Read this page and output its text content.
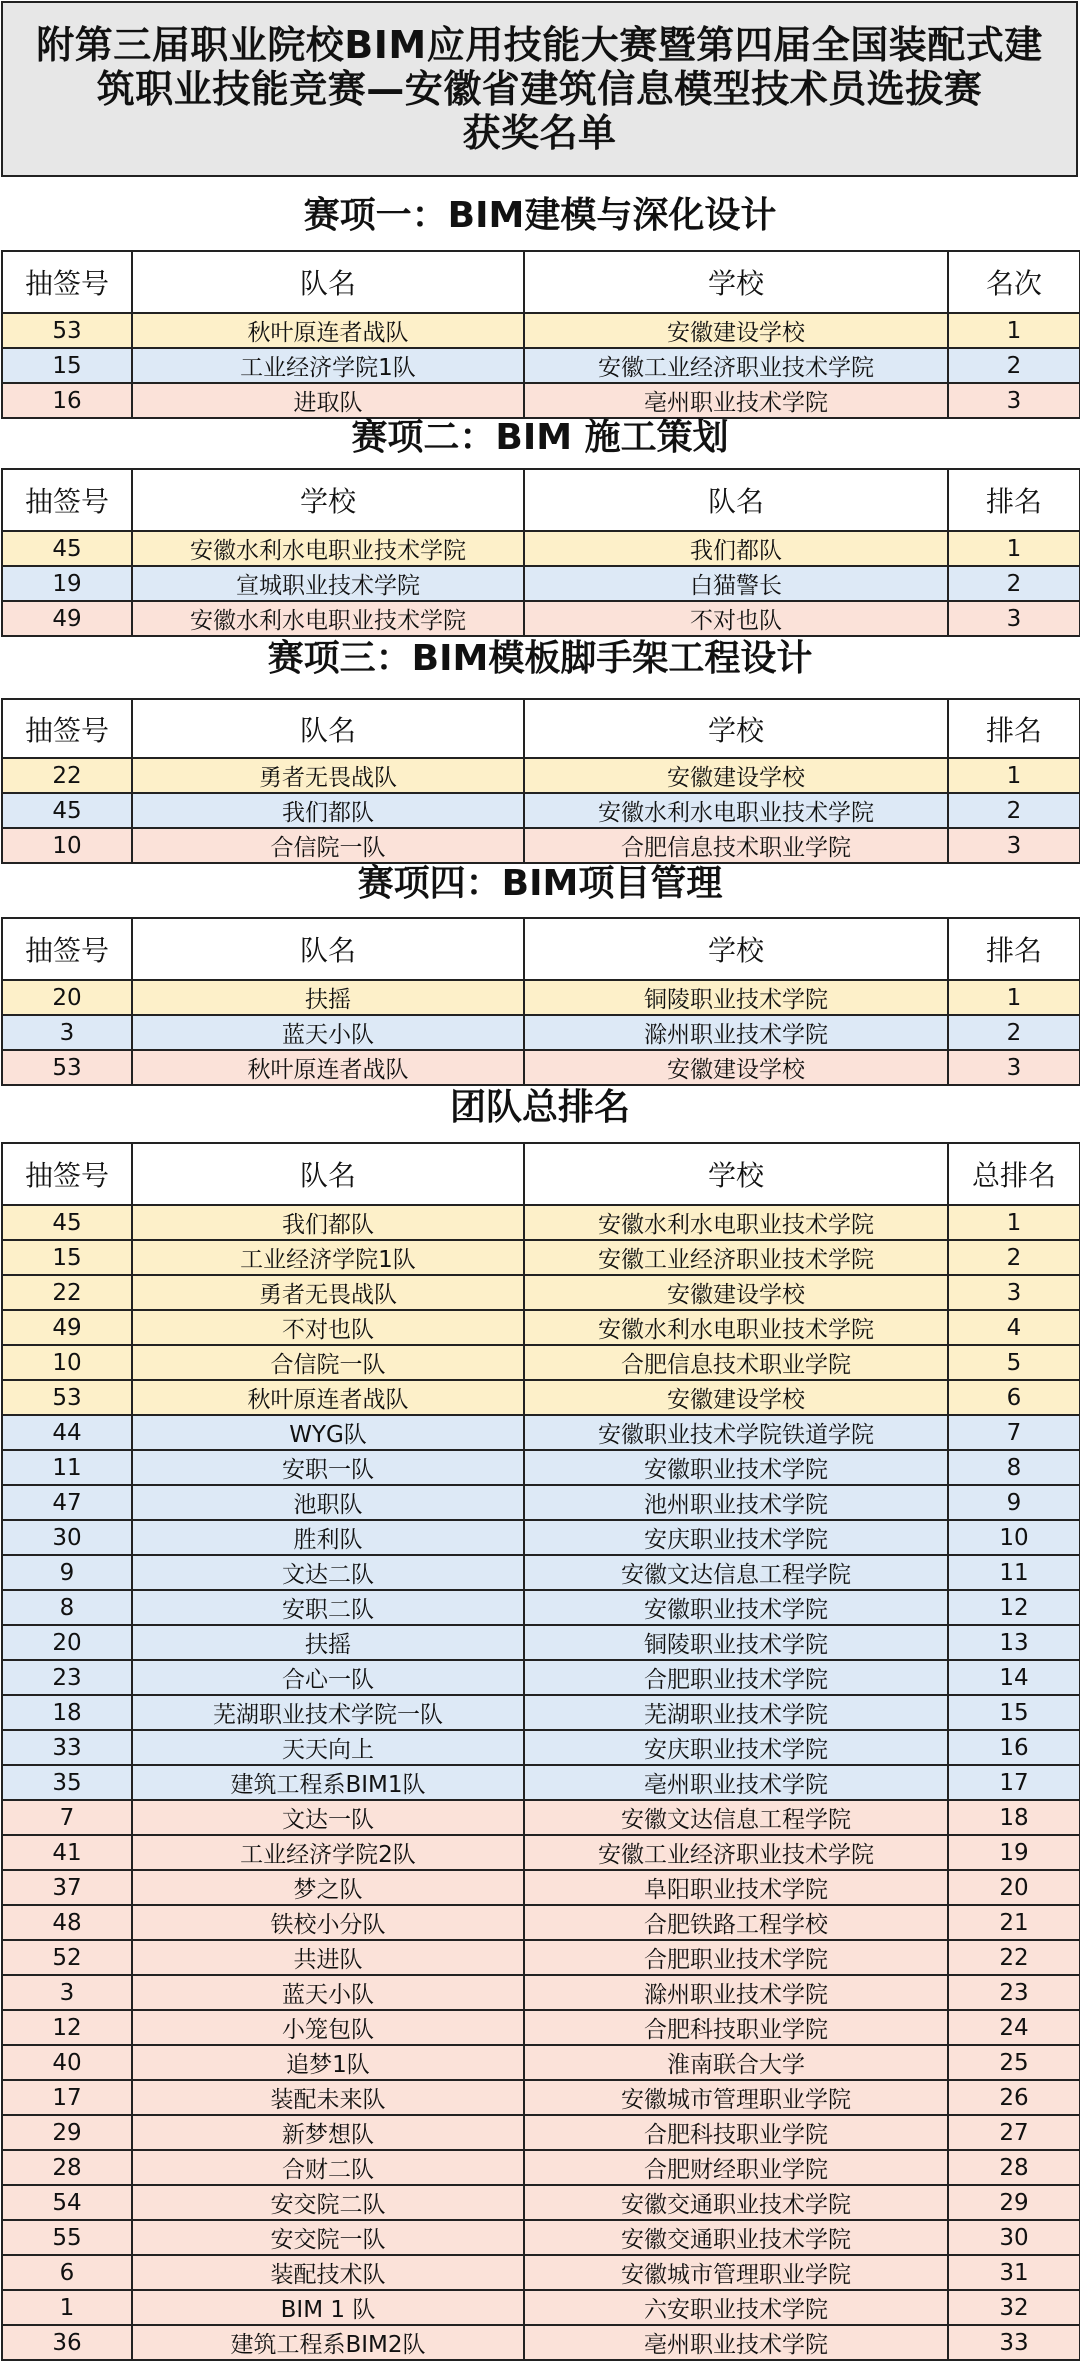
附第三届职业院校BIM应用技能大赛暨第四届全国装配式建
筑职业技能竞赛—安徽省建筑信息模型技术员选拔赛
获奖名单
赛项一：BIM建模与深化设计
抽签号	队名	学校	名次
53	秋叶原连者战队	安徽建设学校	1
15	工业经济学院1队	安徽工业经济职业技术学院	2
16	进取队	亳州职业技术学院	3
赛项二：BIM 施工策划
抽签号	学校	队名	排名
45	安徽水利水电职业技术学院	我们都队	1
19	宣城职业技术学院	白猫警长	2
49	安徽水利水电职业技术学院	不对也队	3
赛项三：BIM模板脚手架工程设计
抽签号	队名	学校	排名
22	勇者无畏战队	安徽建设学校	1
45	我们都队	安徽水利水电职业技术学院	2
10	合信院一队	合肥信息技术职业学院	3
赛项四：BIM项目管理
抽签号	队名	学校	排名
20	扶摇	铜陵职业技术学院	1
3	蓝天小队	滁州职业技术学院	2
53	秋叶原连者战队	安徽建设学校	3
团队总排名
抽签号	队名	学校	总排名
45	我们都队	安徽水利水电职业技术学院	1
15	工业经济学院1队	安徽工业经济职业技术学院	2
22	勇者无畏战队	安徽建设学校	3
49	不对也队	安徽水利水电职业技术学院	4
10	合信院一队	合肥信息技术职业学院	5
53	秋叶原连者战队	安徽建设学校	6
44	WYG队	安徽职业技术学院铁道学院	7
11	安职一队	安徽职业技术学院	8
47	池职队	池州职业技术学院	9
30	胜利队	安庆职业技术学院	10
9	文达二队	安徽文达信息工程学院	11
8	安职二队	安徽职业技术学院	12
20	扶摇	铜陵职业技术学院	13
23	合心一队	合肥职业技术学院	14
18	芜湖职业技术学院一队	芜湖职业技术学院	15
33	天天向上	安庆职业技术学院	16
35	建筑工程系BIM1队	亳州职业技术学院	17
7	文达一队	安徽文达信息工程学院	18
41	工业经济学院2队	安徽工业经济职业技术学院	19
37	梦之队	阜阳职业技术学院	20
48	铁校小分队	合肥铁路工程学校	21
52	共进队	合肥职业技术学院	22
3	蓝天小队	滁州职业技术学院	23
12	小笼包队	合肥科技职业学院	24
40	追梦1队	淮南联合大学	25
17	装配未来队	安徽城市管理职业学院	26
29	新梦想队	合肥科技职业学院	27
28	合财二队	合肥财经职业学院	28
54	安交院二队	安徽交通职业技术学院	29
55	安交院一队	安徽交通职业技术学院	30
6	装配技术队	安徽城市管理职业学院	31
1	BIM 1 队	六安职业技术学院	32
36	建筑工程系BIM2队	亳州职业技术学院	33
